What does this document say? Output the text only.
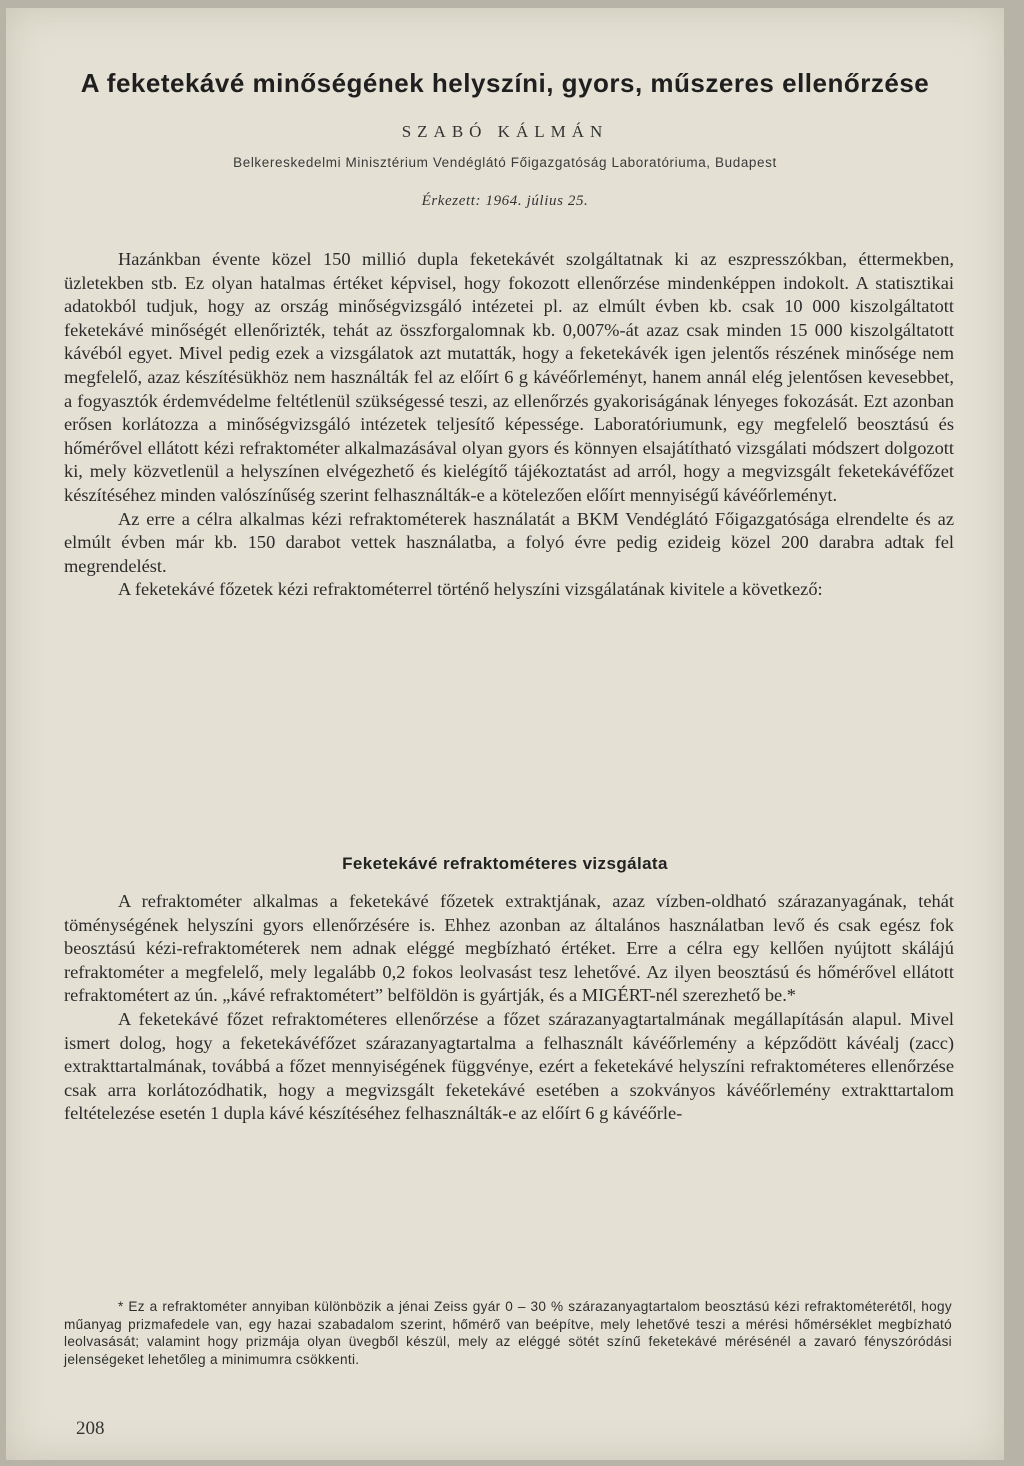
A feketekávé minőségének helyszíni, gyors, műszeres ellenőrzése
SZABÓ KÁLMÁN
Belkereskedelmi Minisztérium Vendéglátó Főigazgatóság Laboratóriuma, Budapest
Érkezett: 1964. július 25.

Hazánkban évente közel 150 millió dupla feketekávét szolgáltatnak ki az eszpresszókban, éttermekben, üzletekben stb. Ez olyan hatalmas értéket képvisel, hogy fokozott ellenőrzése mindenképpen indokolt. A statisztikai adatokból tudjuk, hogy az ország minőségvizsgáló intézetei pl. az elmúlt évben kb. csak 10 000 kiszolgáltatott feketekávé minőségét ellenőrizték, tehát az összforgalomnak kb. 0,007%-át azaz csak minden 15 000 kiszolgáltatott kávéból egyet. Mivel pedig ezek a vizsgálatok azt mutatták, hogy a feketekávék igen jelentős részének minősége nem megfelelő, azaz készítésükhöz nem használták fel az előírt 6 g kávéőrleményt, hanem annál elég jelentősen kevesebbet, a fogyasztók érdemvédelme feltétlenül szükségessé teszi, az ellenőrzés gyakoriságának lényeges fokozását. Ezt azonban erősen korlátozza a minőségvizsgáló intézetek teljesítő képessége. Laboratóriumunk, egy megfelelő beosztású és hőmérővel ellátott kézi refraktométer alkalmazásával olyan gyors és könnyen elsajátítható vizsgálati módszert dolgozott ki, mely közvetlenül a helyszínen elvégezhető és kielégítő tájékoztatást ad arról, hogy a megvizsgált feketekávéfőzet készítéséhez minden valószínűség szerint felhasználták-e a kötelezően előírt mennyiségű kávéőrleményt.

Az erre a célra alkalmas kézi refraktométerek használatát a BKM Vendéglátó Főigazgatósága elrendelte és az elmúlt évben már kb. 150 darabot vettek használatba, a folyó évre pedig ezideig közel 200 darabra adtak fel megrendelést.

A feketekávé főzetek kézi refraktométerrel történő helyszíni vizsgálatának kivitele a következő:

Feketekávé refraktométeres vizsgálata

A refraktométer alkalmas a feketekávé főzetek extraktjának, azaz vízben-oldható szárazanyagának, tehát töménységének helyszíni gyors ellenőrzésére is. Ehhez azonban az általános használatban levő és csak egész fok beosztású kézi-refraktométerek nem adnak eléggé megbízható értéket. Erre a célra egy kellően nyújtott skálájú refraktométer a megfelelő, mely legalább 0,2 fokos leolvasást tesz lehetővé. Az ilyen beosztású és hőmérővel ellátott refraktométert az ún. „kávé refraktométert” belföldön is gyártják, és a MIGÉRT-nél szerezhető be.*

A feketekávé főzet refraktométeres ellenőrzése a főzet szárazanyagtartalmának megállapításán alapul. Mivel ismert dolog, hogy a feketekávéfőzet szárazanyagtartalma a felhasznált kávéőrlemény a képződött kávéalj (zacc) extrakttartalmának, továbbá a főzet mennyiségének függvénye, ezért a feketekávé helyszíni refraktométeres ellenőrzése csak arra korlátozódhatik, hogy a megvizsgált feketekávé esetében a szokványos kávéőrlemény extrakttartalom feltételezése esetén 1 dupla kávé készítéséhez felhasználták-e az előírt 6 g kávéőrle-

* Ez a refraktométer annyiban különbözik a jénai Zeiss gyár 0 – 30 % szárazanyagtartalom beosztású kézi refraktométerétől, hogy műanyag prizmafedele van, egy hazai szabadalom szerint, hőmérő van beépítve, mely lehetővé teszi a mérési hőmérséklet megbízható leolvasását; valamint hogy prizmája olyan üvegből készül, mely az eléggé sötét színű feketekávé mérésénél a zavaró fényszóródási jelenségeket lehetőleg a minimumra csökkenti.
208
